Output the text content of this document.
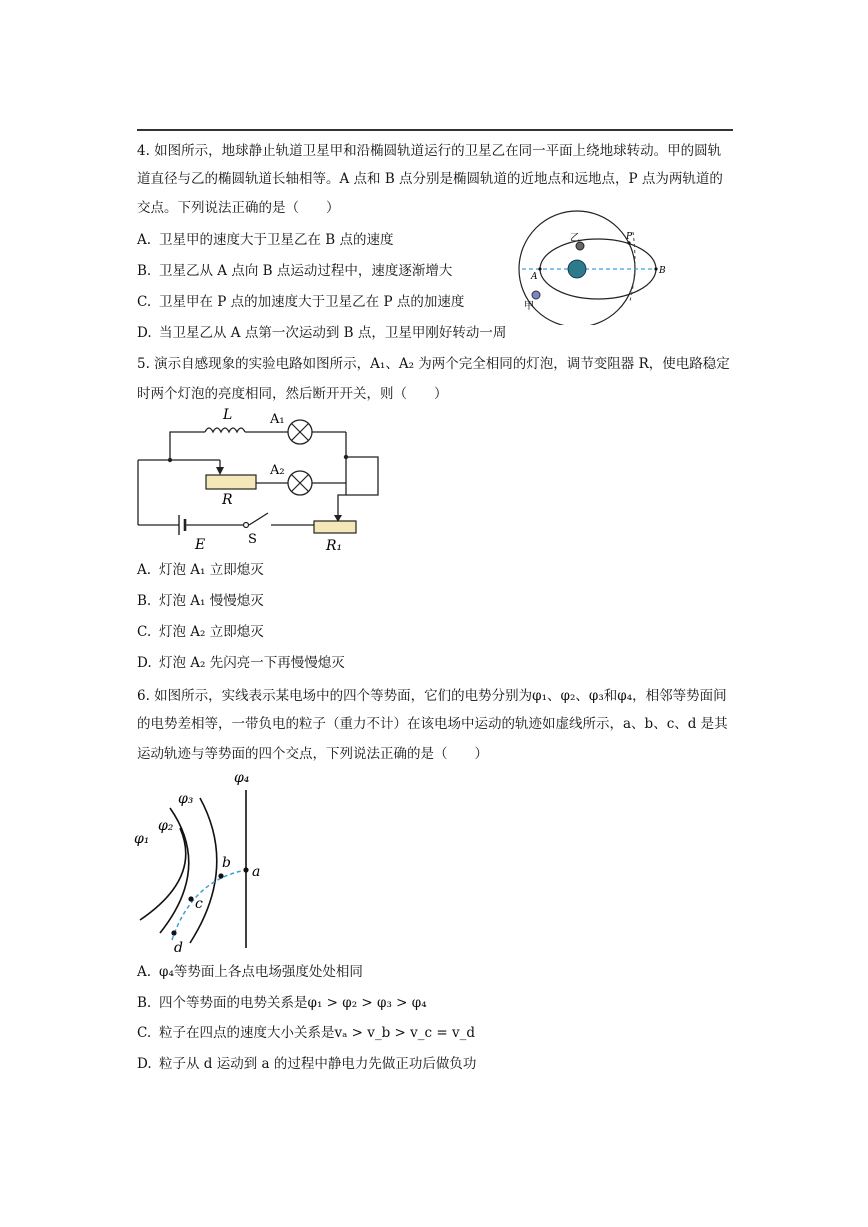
4. 如图所示，地球静止轨道卫星甲和沿椭圆轨道运行的卫星乙在同一平面上绕地球转动。甲的圆轨
道直径与乙的椭圆轨道长轴相等。A 点和 B 点分别是椭圆轨道的近地点和远地点，P 点为两轨道的
交点。下列说法正确的是（　　）
A. 卫星甲的速度大于卫星乙在 B 点的速度
B. 卫星乙从 A 点向 B 点运动过程中，速度逐渐增大
C. 卫星甲在 P 点的加速度大于卫星乙在 P 点的加速度
D. 当卫星乙从 A 点第一次运动到 B 点，卫星甲刚好转动一周
乙	P
A
B
甲
5. 演示自感现象的实验电路如图所示，A₁、A₂ 为两个完全相同的灯泡，调节变阻器 R，使电路稳定
时两个灯泡的亮度相同，然后断开开关，则（　　）
L	A₁
A₂
R
E	S	R₁
A. 灯泡 A₁ 立即熄灭
B. 灯泡 A₁ 慢慢熄灭
C. 灯泡 A₂ 立即熄灭
D. 灯泡 A₂ 先闪亮一下再慢慢熄灭
6. 如图所示，实线表示某电场中的四个等势面，它们的电势分别为φ₁、φ₂、φ₃和φ₄，相邻等势面间
的电势差相等，一带负电的粒子（重力不计）在该电场中运动的轨迹如虚线所示，a、b、c、d 是其
运动轨迹与等势面的四个交点，下列说法正确的是（　　）
φ₁
φ₂
φ₃
φ₄
a
b
c
d
A. φ₄等势面上各点电场强度处处相同
B. 四个等势面的电势关系是φ₁ > φ₂ > φ₃ > φ₄
C. 粒子在四点的速度大小关系是vₐ > v_b > v_c = v_d
D. 粒子从 d 运动到 a 的过程中静电力先做正功后做负功
